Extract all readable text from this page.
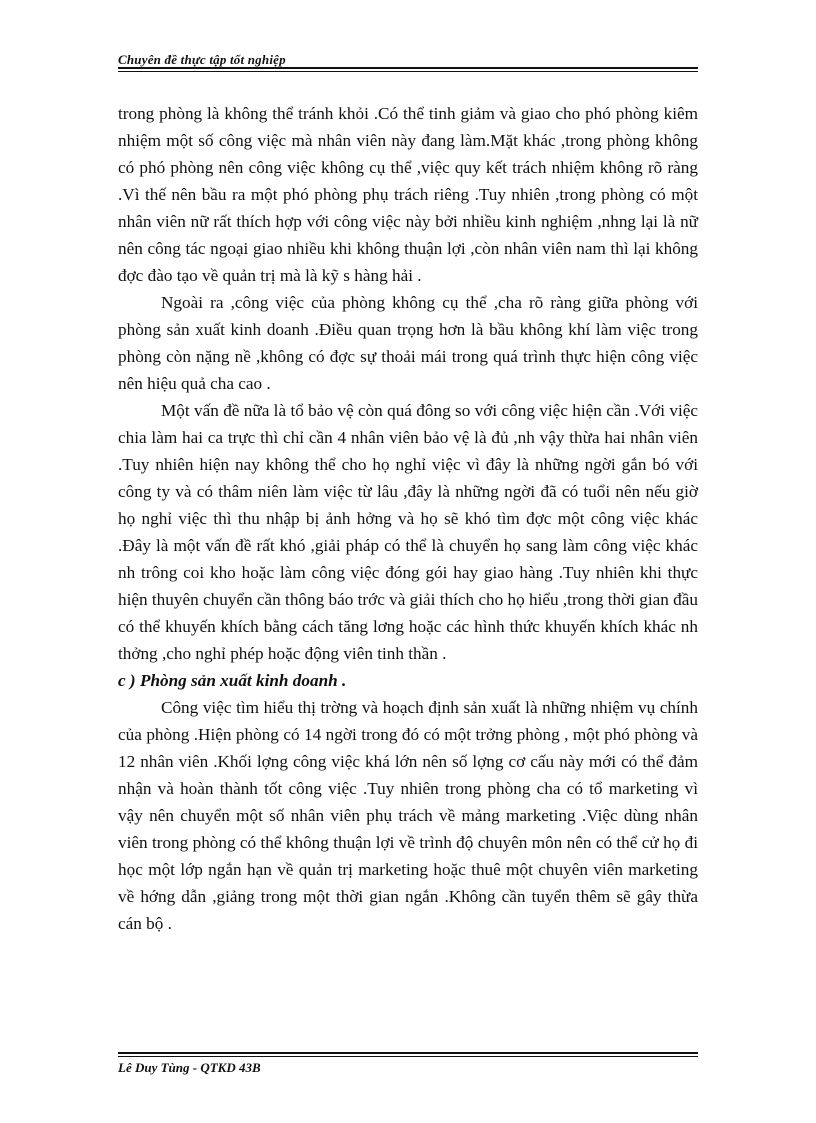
Chuyên đề thực tập tốt nghiệp

trong phòng là không thể tránh khỏi .Có thể tinh giảm và giao cho phó phòng kiêm nhiệm một số công việc mà nhân viên này đang làm.Mặt khác ,trong phòng không có phó phòng nên công việc không cụ thể ,việc quy kết trách nhiệm không rõ ràng .Vì thế nên bầu ra một phó phòng phụ trách riêng .Tuy nhiên ,trong phòng có một nhân viên nữ rất thích hợp với công việc này bởi nhiều kinh nghiệm ,nhng lại là nữ nên công tác ngoại giao nhiều khi không thuận lợi ,còn nhân viên nam thì lại không đợc đào tạo về quản trị mà là kỹ s hàng hải .

Ngoài ra ,công việc của phòng không cụ thể ,cha rõ ràng giữa phòng với phòng sản xuất kinh doanh .Điều quan trọng hơn là bầu không khí làm việc trong phòng còn nặng nề ,không có đợc sự thoải mái trong quá trình thực hiện công việc nên hiệu quả cha cao .

Một vấn đề nữa là tổ bảo vệ còn quá đông so với công việc hiện cần .Với việc chia làm hai ca trực thì chỉ cần 4 nhân viên bảo vệ là đủ ,nh vậy thừa hai nhân viên .Tuy nhiên hiện nay không thể cho họ nghỉ việc vì đây là những ngời gắn bó với công ty và có thâm niên làm việc từ lâu ,đây là những ngời đã có tuổi nên nếu giờ họ nghỉ việc thì thu nhập bị ảnh hởng và họ sẽ khó tìm đợc một công việc khác .Đây là một vấn đề rất khó ,giải pháp có thể là chuyển họ sang làm công việc khác nh trông coi kho hoặc làm công việc đóng gói hay giao hàng .Tuy nhiên khi thực hiện thuyên chuyển cần thông báo trớc và giải thích cho họ hiểu ,trong thời gian đầu có thể khuyến khích bằng cách tăng lơng hoặc các hình thức khuyến khích khác nh thởng ,cho nghỉ phép hoặc động viên tinh thần .

c ) Phòng sản xuất kinh doanh .

Công việc tìm hiểu thị trờng và hoạch định sản xuất là những nhiệm vụ chính của phòng .Hiện phòng có 14 ngời trong đó có một trởng phòng , một phó phòng và 12 nhân viên .Khối lợng công việc khá lớn nên số lợng cơ cấu này mới có thể đảm nhận và hoàn thành tốt công việc .Tuy nhiên trong phòng cha có tổ marketing vì vậy nên chuyển một số nhân viên phụ trách về mảng marketing .Việc dùng nhân viên trong phòng có thể không thuận lợi về trình độ chuyên môn nên có thể cử họ đi học một lớp ngắn hạn về quản trị marketing hoặc thuê một chuyên viên marketing về hớng dẫn ,giảng trong một thời gian ngắn .Không cần tuyển thêm sẽ gây thừa cán bộ .

Lê Duy Tùng - QTKD 43B
